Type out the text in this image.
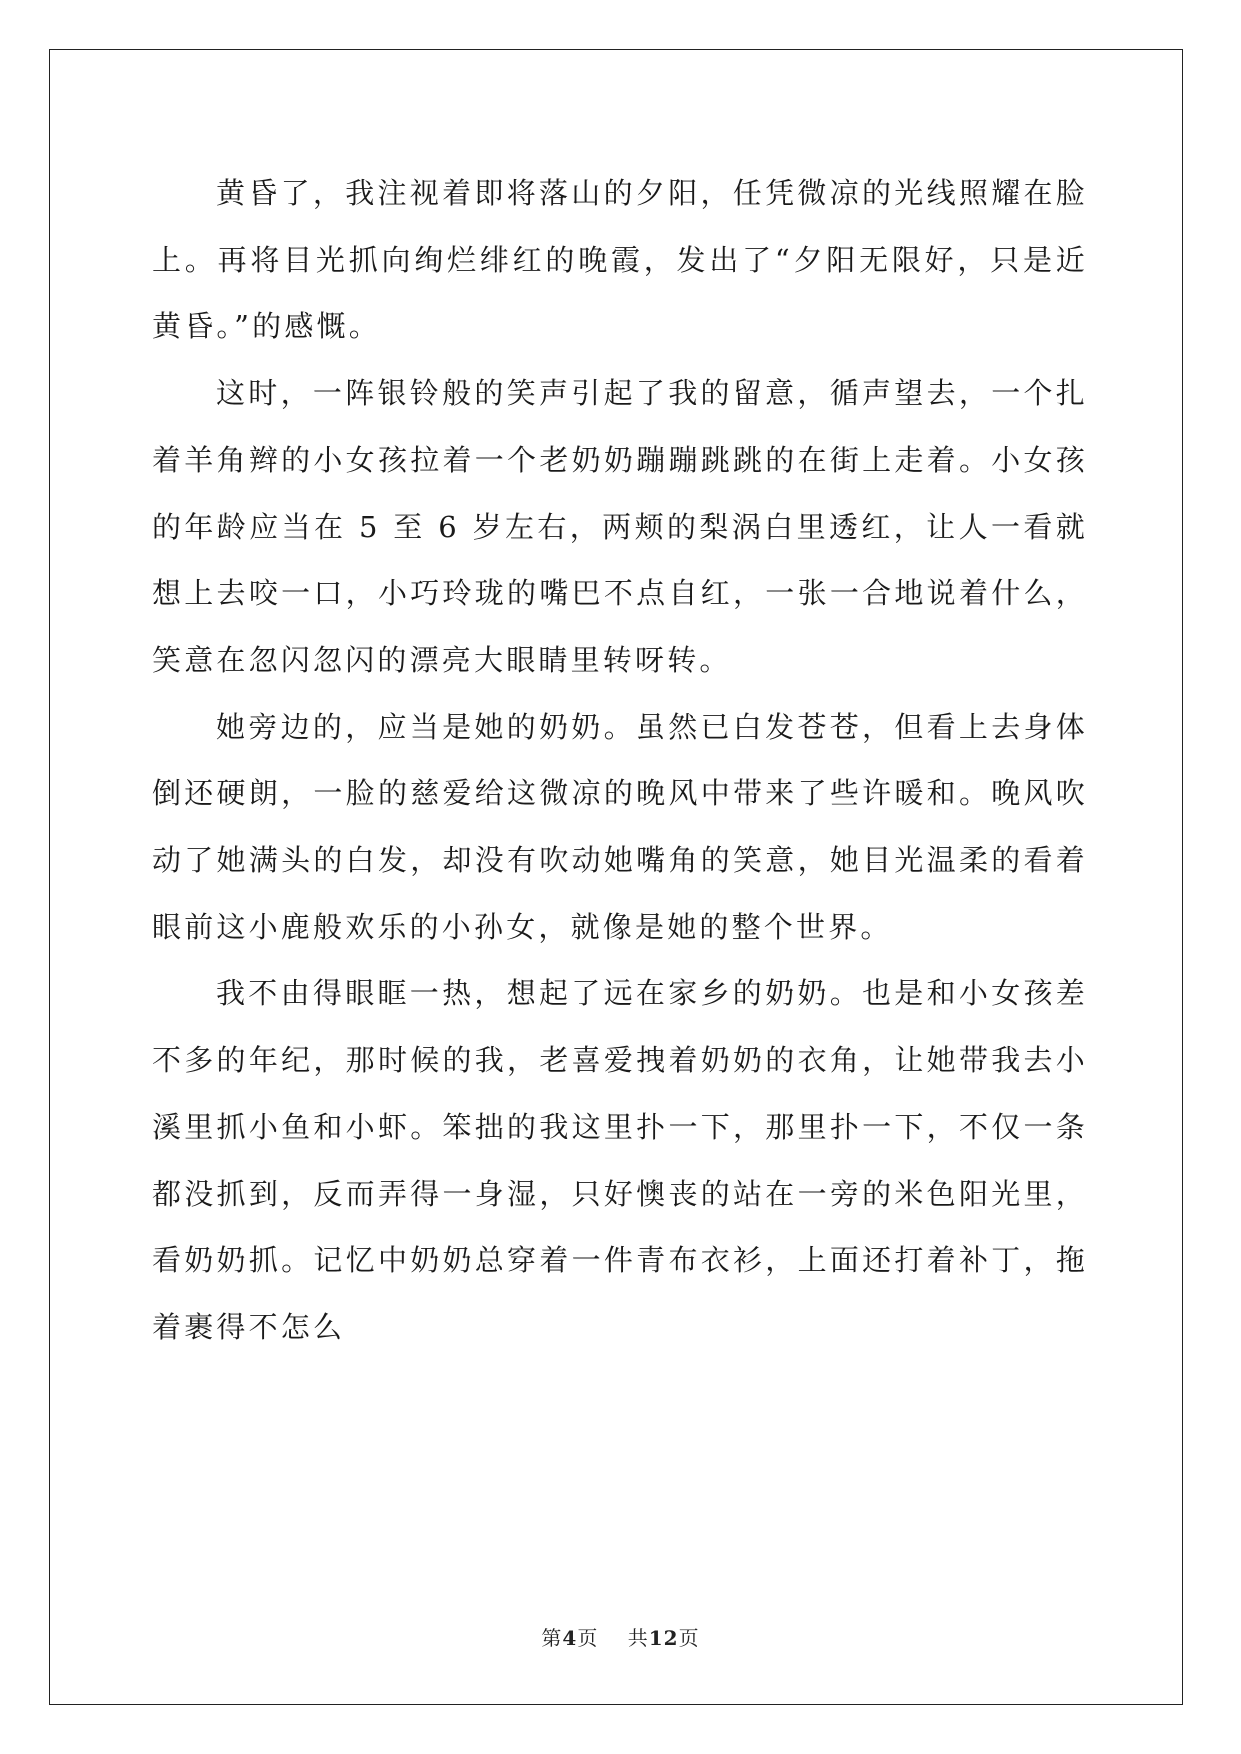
黄昏了，我注视着即将落山的夕阳，任凭微凉的光线照耀在脸上。再将目光抓向绚烂绯红的晚霞，发出了“夕阳无限好，只是近黄昏。”的感慨。

这时，一阵银铃般的笑声引起了我的留意，循声望去，一个扎着羊角辫的小女孩拉着一个老奶奶蹦蹦跳跳的在街上走着。小女孩的年龄应当在 5 至 6 岁左右，两颊的梨涡白里透红，让人一看就想上去咬一口，小巧玲珑的嘴巴不点自红，一张一合地说着什么，笑意在忽闪忽闪的漂亮大眼睛里转呀转。

她旁边的，应当是她的奶奶。虽然已白发苍苍，但看上去身体倒还硬朗，一脸的慈爱给这微凉的晚风中带来了些许暖和。晚风吹动了她满头的白发，却没有吹动她嘴角的笑意，她目光温柔的看着眼前这小鹿般欢乐的小孙女，就像是她的整个世界。

我不由得眼眶一热，想起了远在家乡的奶奶。也是和小女孩差不多的年纪，那时候的我，老喜爱拽着奶奶的衣角，让她带我去小溪里抓小鱼和小虾。笨拙的我这里扑一下，那里扑一下，不仅一条都没抓到，反而弄得一身湿，只好懊丧的站在一旁的米色阳光里，看奶奶抓。记忆中奶奶总穿着一件青布衣衫，上面还打着补丁，拖着裹得不怎么

第4页 共12页
